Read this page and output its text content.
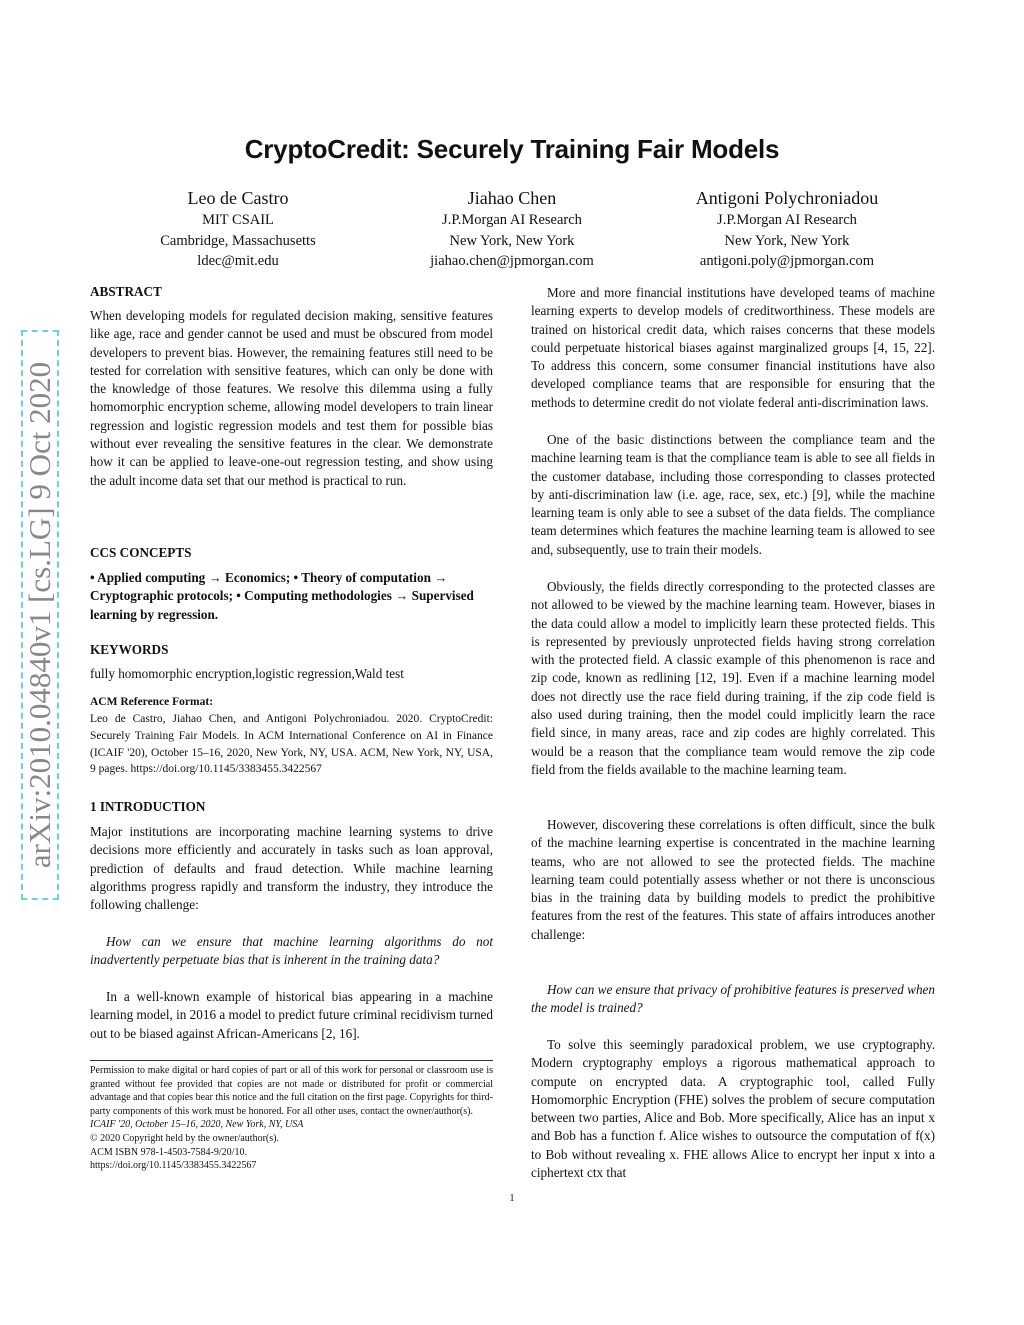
arXiv:2010.04840v1 [cs.LG] 9 Oct 2020
CryptoCredit: Securely Training Fair Models
Leo de Castro
MIT CSAIL
Cambridge, Massachusetts
ldec@mit.edu
Jiahao Chen
J.P.Morgan AI Research
New York, New York
jiahao.chen@jpmorgan.com
Antigoni Polychroniadou
J.P.Morgan AI Research
New York, New York
antigoni.poly@jpmorgan.com
ABSTRACT

When developing models for regulated decision making, sensitive features like age, race and gender cannot be used and must be obscured from model developers to prevent bias. However, the remaining features still need to be tested for correlation with sensitive features, which can only be done with the knowledge of those features. We resolve this dilemma using a fully homomorphic encryption scheme, allowing model developers to train linear regression and logistic regression models and test them for possible bias without ever revealing the sensitive features in the clear. We demonstrate how it can be applied to leave-one-out regression testing, and show using the adult income data set that our method is practical to run.

CCS CONCEPTS

• Applied computing → Economics; • Theory of computation → Cryptographic protocols; • Computing methodologies → Supervised learning by regression.

KEYWORDS

fully homomorphic encryption,logistic regression,Wald test

ACM Reference Format:

Leo de Castro, Jiahao Chen, and Antigoni Polychroniadou. 2020. CryptoCredit: Securely Training Fair Models. In ACM International Conference on AI in Finance (ICAIF '20), October 15–16, 2020, New York, NY, USA. ACM, New York, NY, USA, 9 pages. https://doi.org/10.1145/3383455.3422567

1 INTRODUCTION

Major institutions are incorporating machine learning systems to drive decisions more efficiently and accurately in tasks such as loan approval, prediction of defaults and fraud detection. While machine learning algorithms progress rapidly and transform the industry, they introduce the following challenge:

How can we ensure that machine learning algorithms do not inadvertently perpetuate bias that is inherent in the training data?

In a well-known example of historical bias appearing in a machine learning model, in 2016 a model to predict future criminal recidivism turned out to be biased against African-Americans [2, 16].

Permission to make digital or hard copies of part or all of this work for personal or classroom use is granted without fee provided that copies are not made or distributed for profit or commercial advantage and that copies bear this notice and the full citation on the first page. Copyrights for third-party components of this work must be honored. For all other uses, contact the owner/author(s).
ICAIF '20, October 15–16, 2020, New York, NY, USA
© 2020 Copyright held by the owner/author(s).
ACM ISBN 978-1-4503-7584-9/20/10.
https://doi.org/10.1145/3383455.3422567

More and more financial institutions have developed teams of machine learning experts to develop models of creditworthiness. These models are trained on historical credit data, which raises concerns that these models could perpetuate historical biases against marginalized groups [4, 15, 22]. To address this concern, some consumer financial institutions have also developed compliance teams that are responsible for ensuring that the methods to determine credit do not violate federal anti-discrimination laws.

One of the basic distinctions between the compliance team and the machine learning team is that the compliance team is able to see all fields in the customer database, including those corresponding to classes protected by anti-discrimination law (i.e. age, race, sex, etc.) [9], while the machine learning team is only able to see a subset of the data fields. The compliance team determines which features the machine learning team is allowed to see and, subsequently, use to train their models.

Obviously, the fields directly corresponding to the protected classes are not allowed to be viewed by the machine learning team. However, biases in the data could allow a model to implicitly learn these protected fields. This is represented by previously unprotected fields having strong correlation with the protected field. A classic example of this phenomenon is race and zip code, known as redlining [12, 19]. Even if a machine learning model does not directly use the race field during training, if the zip code field is also used during training, then the model could implicitly learn the race field since, in many areas, race and zip codes are highly correlated. This would be a reason that the compliance team would remove the zip code field from the fields available to the machine learning team.

However, discovering these correlations is often difficult, since the bulk of the machine learning expertise is concentrated in the machine learning teams, who are not allowed to see the protected fields. The machine learning team could potentially assess whether or not there is unconscious bias in the training data by building models to predict the prohibitive features from the rest of the features. This state of affairs introduces another challenge:

How can we ensure that privacy of prohibitive features is preserved when the model is trained?

To solve this seemingly paradoxical problem, we use cryptography. Modern cryptography employs a rigorous mathematical approach to compute on encrypted data. A cryptographic tool, called Fully Homomorphic Encryption (FHE) solves the problem of secure computation between two parties, Alice and Bob. More specifically, Alice has an input x and Bob has a function f. Alice wishes to outsource the computation of f(x) to Bob without revealing x. FHE allows Alice to encrypt her input x into a ciphertext ctx that

1
